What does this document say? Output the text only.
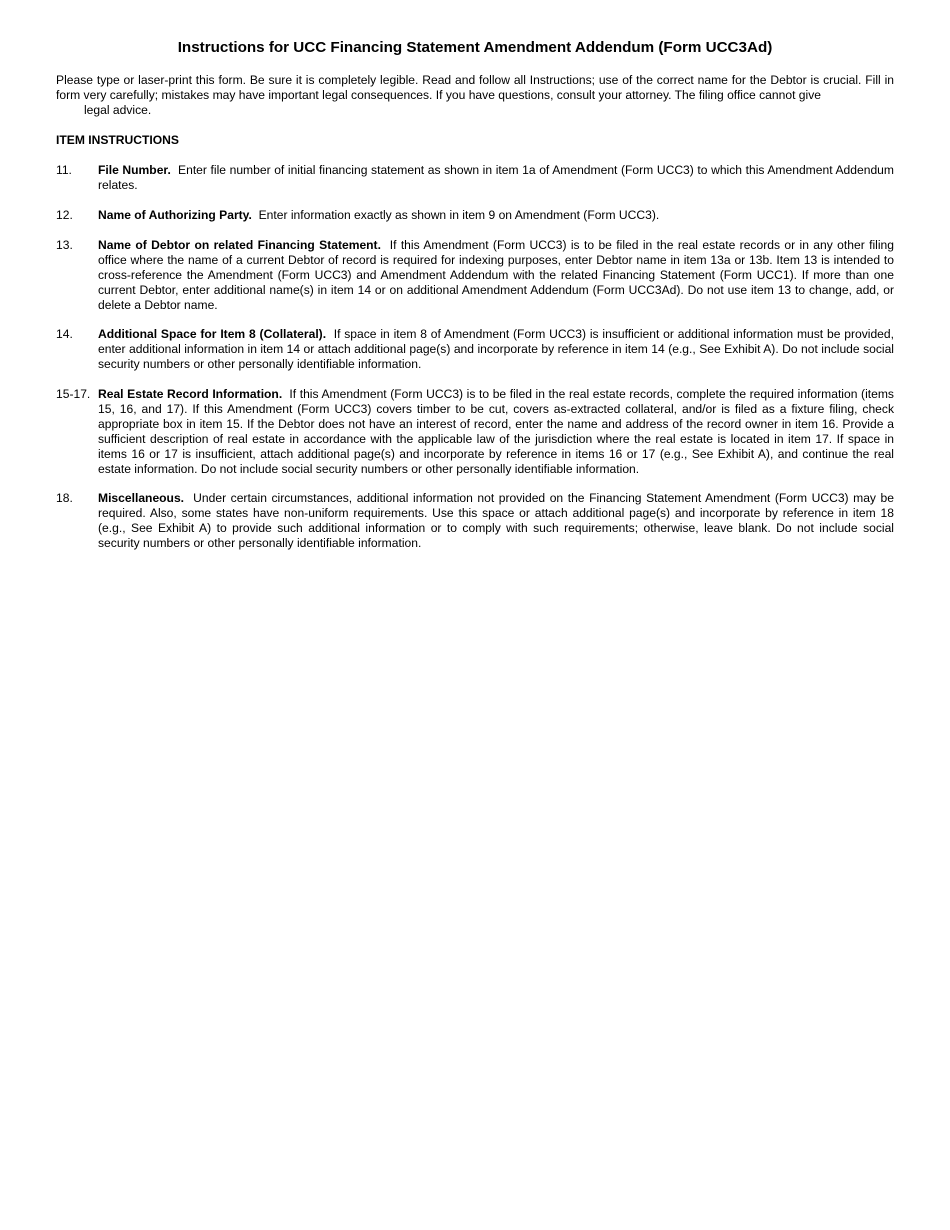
Instructions for UCC Financing Statement Amendment Addendum (Form UCC3Ad)

Please type or laser-print this form. Be sure it is completely legible. Read and follow all Instructions; use of the correct name for the Debtor is crucial. Fill in form very carefully; mistakes may have important legal consequences. If you have questions, consult your attorney. The filing office cannot give
legal advice.

ITEM INSTRUCTIONS
11.	File Number. Enter file number of initial financing statement as shown in item 1a of Amendment (Form UCC3) to which this Amendment Addendum relates.
12.	Name of Authorizing Party. Enter information exactly as shown in item 9 on Amendment (Form UCC3).
13.	Name of Debtor on related Financing Statement. If this Amendment (Form UCC3) is to be filed in the real estate records or in any other filing office where the name of a current Debtor of record is required for indexing purposes, enter Debtor name in item 13a or 13b. Item 13 is intended to cross-reference the Amendment (Form UCC3) and Amendment Addendum with the related Financing Statement (Form UCC1). If more than one current Debtor, enter additional name(s) in item 14 or on additional Amendment Addendum (Form UCC3Ad). Do not use item 13 to change, add, or delete a Debtor name.
14.	Additional Space for Item 8 (Collateral). If space in item 8 of Amendment (Form UCC3) is insufficient or additional information must be provided, enter additional information in item 14 or attach additional page(s) and incorporate by reference in item 14 (e.g., See Exhibit A). Do not include social security numbers or other personally identifiable information.
15-17. Real Estate Record Information. If this Amendment (Form UCC3) is to be filed in the real estate records, complete the required information (items 15, 16, and 17). If this Amendment (Form UCC3) covers timber to be cut, covers as-extracted collateral, and/or is filed as a fixture filing, check appropriate box in item 15. If the Debtor does not have an interest of record, enter the name and address of the record owner in item 16. Provide a sufficient description of real estate in accordance with the applicable law of the jurisdiction where the real estate is located in item 17. If space in items 16 or 17 is insufficient, attach additional page(s) and incorporate by reference in items 16 or 17 (e.g., See Exhibit A), and continue the real estate information. Do not include social security numbers or other personally identifiable information.
18.	Miscellaneous. Under certain circumstances, additional information not provided on the Financing Statement Amendment (Form UCC3) may be required. Also, some states have non-uniform requirements. Use this space or attach additional page(s) and incorporate by reference in item 18 (e.g., See Exhibit A) to provide such additional information or to comply with such requirements; otherwise, leave blank. Do not include social security numbers or other personally identifiable information.
